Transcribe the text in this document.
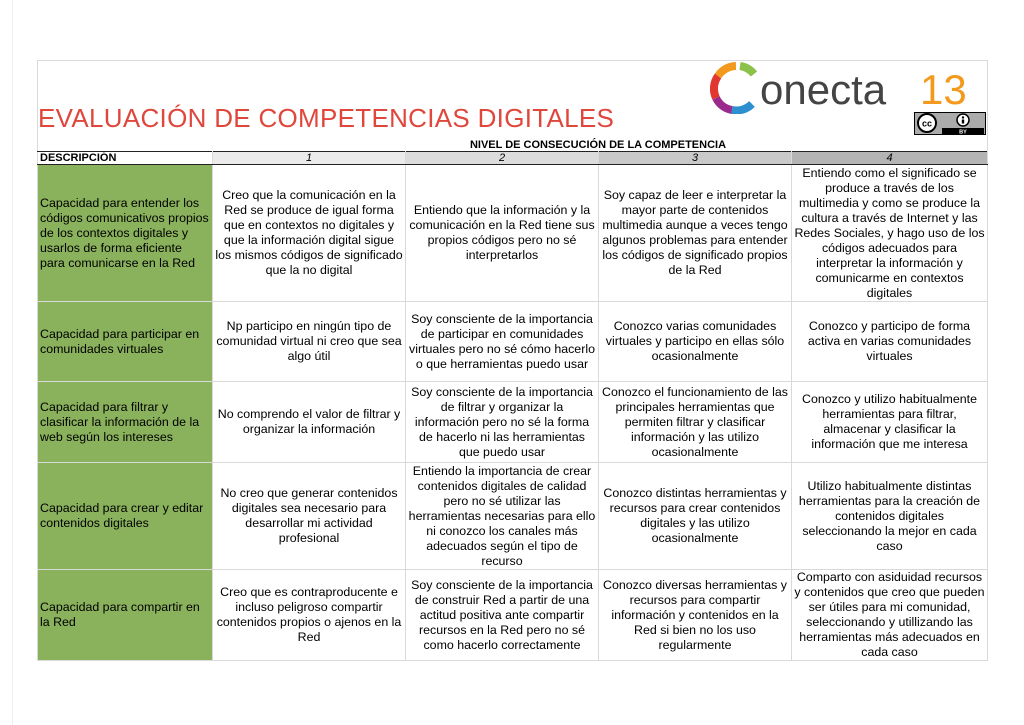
EVALUACIÓN DE COMPETENCIAS DIGITALES
onecta 13
cc
BY
NIVEL DE CONSECUCIÓN DE LA COMPETENCIA
DESCRIPCIÓN	1	2	3	4
Capacidad para entender los códigos comunicativos propios de los contextos digitales y usarlos de forma eficiente para comunicarse en la Red	Creo que la comunicación en la Red se produce de igual forma que en contextos no digitales y que la información digital sigue los mismos códigos de significado que la no digital	Entiendo que la información y la comunicación en la Red tiene sus propios códigos pero no sé interpretarlos	Soy capaz de leer e interpretar la mayor parte de contenidos multimedia aunque a veces tengo algunos problemas para entender los códigos de significado propios de la Red	Entiendo como el significado se produce a través de los multimedia y como se produce la cultura a través de Internet y las Redes Sociales, y hago uso de los códigos adecuados para interpretar la información y comunicarme en contextos digitales
Capacidad para participar en comunidades virtuales	Np participo en ningún tipo de comunidad virtual ni creo que sea algo útil	Soy consciente de la importancia de participar en comunidades virtuales pero no sé cómo hacerlo o que herramientas puedo usar	Conozco varias comunidades virtuales y participo en ellas sólo ocasionalmente	Conozco y participo de forma activa en varias comunidades virtuales
Capacidad para filtrar y clasificar la información de la web según los intereses	No comprendo el valor de filtrar y organizar la información	Soy consciente de la importancia de filtrar y organizar la información pero no sé la forma de hacerlo ni las herramientas que puedo usar	Conozco el funcionamiento de las principales herramientas que permiten filtrar y clasificar información y las utilizo ocasionalmente	Conozco y utilizo habitualmente herramientas para filtrar, almacenar y clasificar la información que me interesa
Capacidad para crear y editar contenidos digitales	No creo que generar contenidos digitales sea necesario para desarrollar mi actividad profesional	Entiendo la importancia de crear contenidos digitales de calidad pero no sé utilizar las herramientas necesarias para ello ni conozco los canales más adecuados según el tipo de recurso	Conozco distintas herramientas y recursos para crear contenidos digitales y las utilizo ocasionalmente	Utilizo habitualmente distintas herramientas para la creación de contenidos digitales seleccionando la mejor en cada caso
Capacidad para compartir en la Red	Creo que es contraproducente e incluso peligroso compartir contenidos propios o ajenos en la Red	Soy consciente de la importancia de construir Red a partir de una actitud positiva ante compartir recursos en la Red pero no sé como hacerlo correctamente	Conozco diversas herramientas y recursos para compartir información y contenidos en la Red si bien no los uso regularmente	Comparto con asiduidad recursos y contenidos que creo que pueden ser útiles para mi comunidad, seleccionando y utillizando las herramientas más adecuados en cada caso
